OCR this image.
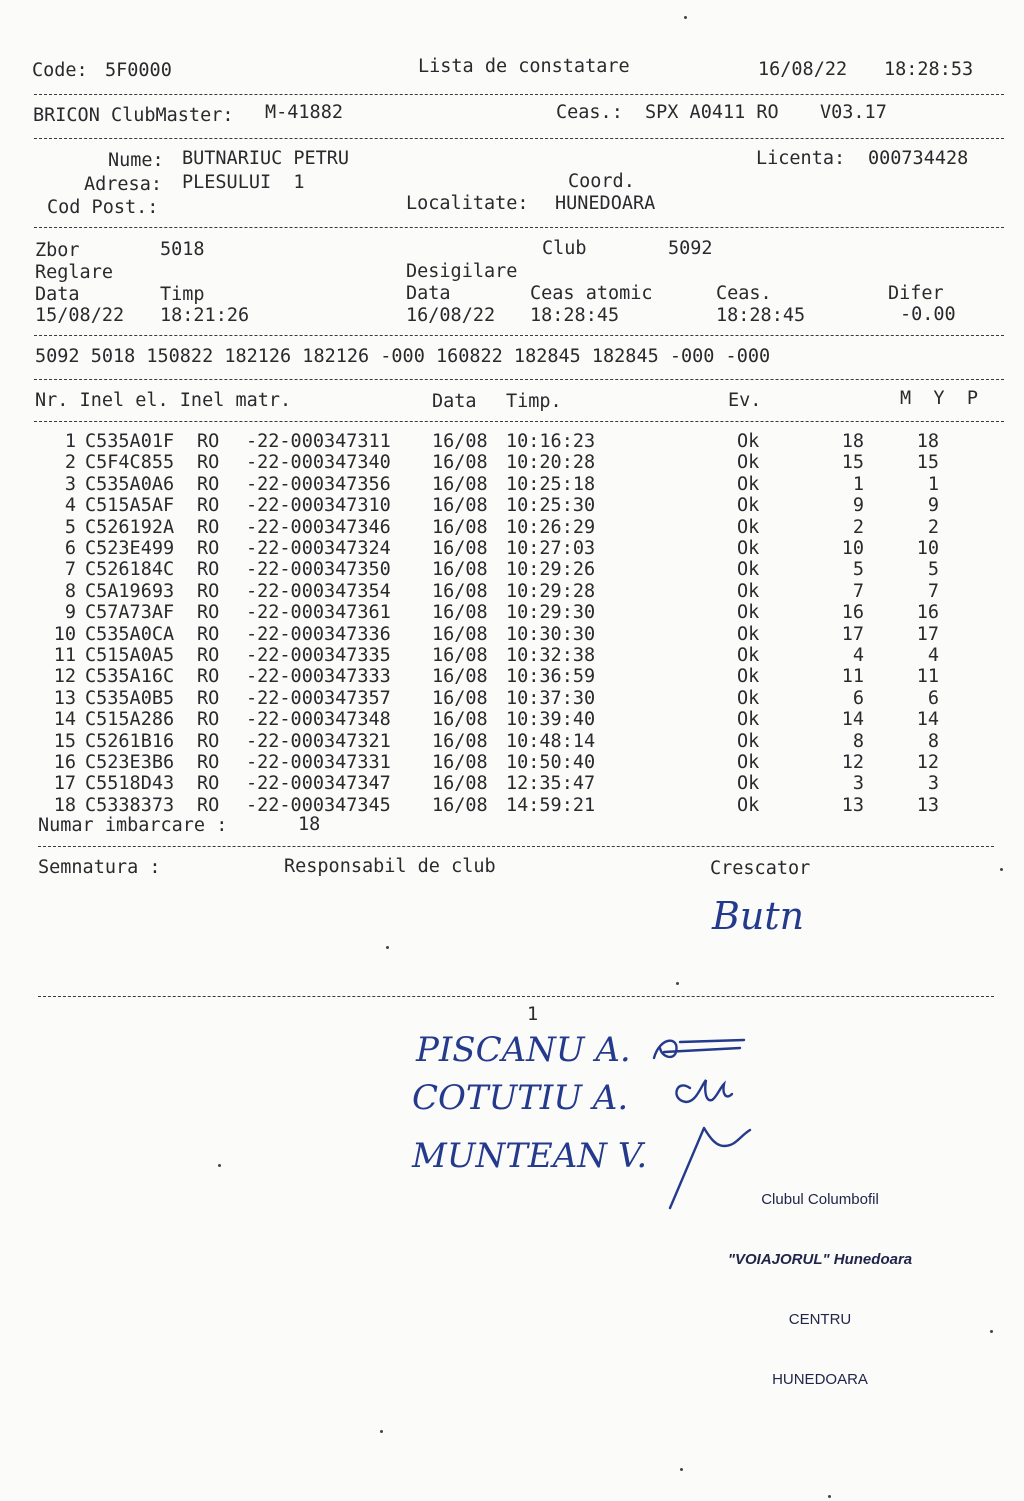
Code: 5F0000	Lista de constatare	16/08/22 18:28:53
BRICON ClubMaster: M-41882	Ceas.: SPX A0411 RO V03.17
Nume: BUTNARIUC PETRU	Licenta: 000734428
Adresa: PLESULUI  1	Coord.
Cod Post.:	Localitate: HUNEDOARA
Zbor	5018	Club	5092
Reglare	Desigilare
Data	Timp	Data	Ceas atomic	Ceas.	Difer
15/08/22 18:21:26	16/08/22 18:28:45	18:28:45	-0.00
5092 5018 150822 182126 182126 -000 160822 182845 182845 -000 -000
Nr. Inel el. Inel matr.	Data Timp.	Ev.	M  Y  P
1 C535A01F RO -22-000347311 16/08 10:16:23	Ok	18	18
2 C5F4C855 RO -22-000347340 16/08 10:20:28	Ok	15	15
3 C535A0A6 RO -22-000347356 16/08 10:25:18	Ok	1	1
4 C515A5AF RO -22-000347310 16/08 10:25:30	Ok	9	9
5 C526192A RO -22-000347346 16/08 10:26:29	Ok	2	2
6 C523E499 RO -22-000347324 16/08 10:27:03	Ok	10	10
7 C526184C RO -22-000347350 16/08 10:29:26	Ok	5	5
8 C5A19693 RO -22-000347354 16/08 10:29:28	Ok	7	7
9 C57A73AF RO -22-000347361 16/08 10:29:30	Ok	16	16
10 C535A0CA RO -22-000347336 16/08 10:30:30	Ok	17	17
11 C515A0A5 RO -22-000347335 16/08 10:32:38	Ok	4	4
12 C535A16C RO -22-000347333 16/08 10:36:59	Ok	11	11
13 C535A0B5 RO -22-000347357 16/08 10:37:30	Ok	6	6
14 C515A286 RO -22-000347348 16/08 10:39:40	Ok	14	14
15 C5261B16 RO -22-000347321 16/08 10:48:14	Ok	8	8
16 C523E3B6 RO -22-000347331 16/08 10:50:40	Ok	12	12
17 C5518D43 RO -22-000347347 16/08 12:35:47	Ok	3	3
18 C5338373 RO -22-000347345 16/08 14:59:21	Ok	13	13
Numar imbarcare :	18
Semnatura :	Responsabil de club	Crescator
Butn
1
PISCANU A.
COTUTIU A.
MUNTEAN V.

Clubul Columbofil

"VOIAJORUL" Hunedoara

CENTRU

HUNEDOARA
